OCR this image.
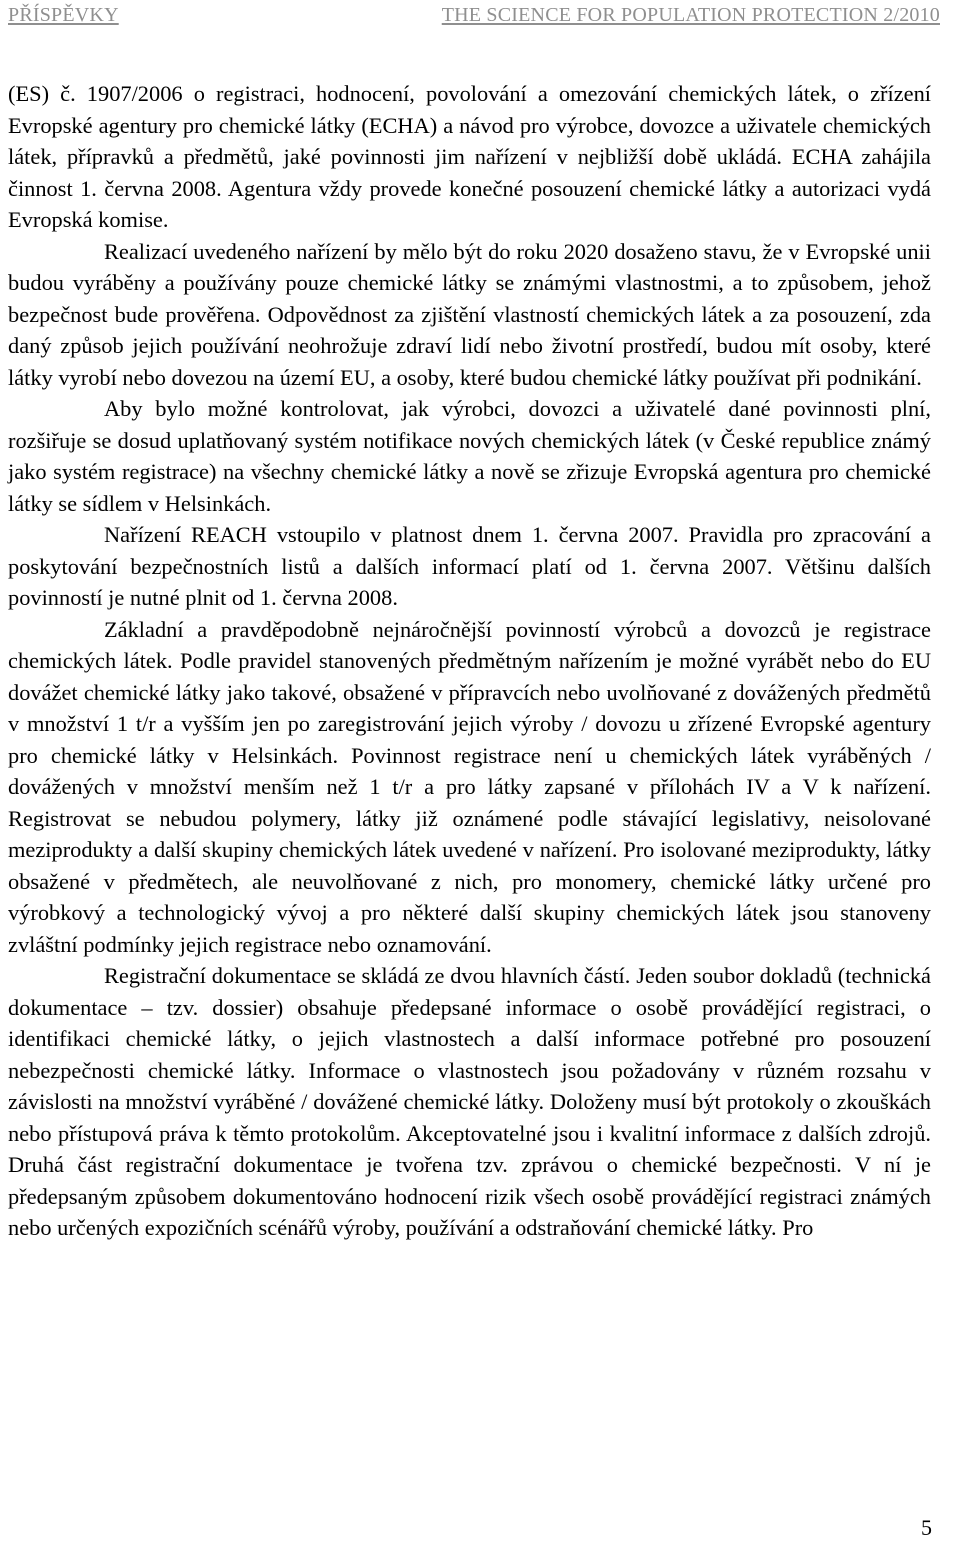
PŘÍSPĚVKY	THE SCIENCE FOR POPULATION PROTECTION 2/2010

(ES) č. 1907/2006 o registraci, hodnocení, povolování a omezování chemických látek, o zřízení Evropské agentury pro chemické látky (ECHA) a návod pro výrobce, dovozce a uživatele chemických látek, přípravků a předmětů, jaké povinnosti jim nařízení v nejbližší době ukládá. ECHA zahájila činnost 1. června 2008. Agentura vždy provede konečné posouzení chemické látky a autorizaci vydá Evropská komise.

Realizací uvedeného nařízení by mělo být do roku 2020 dosaženo stavu, že v Evropské unii budou vyráběny a používány pouze chemické látky se známými vlastnostmi, a to způsobem, jehož bezpečnost bude prověřena. Odpovědnost za zjištění vlastností chemických látek a za posouzení, zda daný způsob jejich používání neohrožuje zdraví lidí nebo životní prostředí, budou mít osoby, které látky vyrobí nebo dovezou na území EU, a osoby, které budou chemické látky používat při podnikání.

Aby bylo možné kontrolovat, jak výrobci, dovozci a uživatelé dané povinnosti plní, rozšiřuje se dosud uplatňovaný systém notifikace nových chemických látek (v České republice známý jako systém registrace) na všechny chemické látky a nově se zřizuje Evropská agentura pro chemické látky se sídlem v Helsinkách.

Nařízení REACH vstoupilo v platnost dnem 1. června 2007. Pravidla pro zpracování a poskytování bezpečnostních listů a dalších informací platí od 1. června 2007. Většinu dalších povinností je nutné plnit od 1. června 2008.

Základní a pravděpodobně nejnáročnější povinností výrobců a dovozců je registrace chemických látek. Podle pravidel stanovených předmětným nařízením je možné vyrábět nebo do EU dovážet chemické látky jako takové, obsažené v přípravcích nebo uvolňované z dovážených předmětů v množství 1 t/r a vyšším jen po zaregistrování jejich výroby / dovozu u zřízené Evropské agentury pro chemické látky v Helsinkách. Povinnost registrace není u chemických látek vyráběných / dovážených v množství menším než 1 t/r a pro látky zapsané v přílohách IV a V k nařízení. Registrovat se nebudou polymery, látky již oznámené podle stávající legislativy, neisolované meziprodukty a další skupiny chemických látek uvedené v nařízení. Pro isolované meziprodukty, látky obsažené v předmětech, ale neuvolňované z nich, pro monomery, chemické látky určené pro výrobkový a technologický vývoj a pro některé další skupiny chemických látek jsou stanoveny zvláštní podmínky jejich registrace nebo oznamování.

Registrační dokumentace se skládá ze dvou hlavních částí. Jeden soubor dokladů (technická dokumentace – tzv. dossier) obsahuje předepsané informace o osobě provádějící registraci, o identifikaci chemické látky, o jejich vlastnostech a další informace potřebné pro posouzení nebezpečnosti chemické látky. Informace o vlastnostech jsou požadovány v různém rozsahu v závislosti na množství vyráběné / dovážené chemické látky. Doloženy musí být protokoly o zkouškách nebo přístupová práva k těmto protokolům. Akceptovatelné jsou i kvalitní informace z dalších zdrojů. Druhá část registrační dokumentace je tvořena tzv. zprávou o chemické bezpečnosti. V ní je předepsaným způsobem dokumentováno hodnocení rizik všech osobě provádějící registraci známých nebo určených expozičních scénářů výroby, používání a odstraňování chemické látky. Pro

5
